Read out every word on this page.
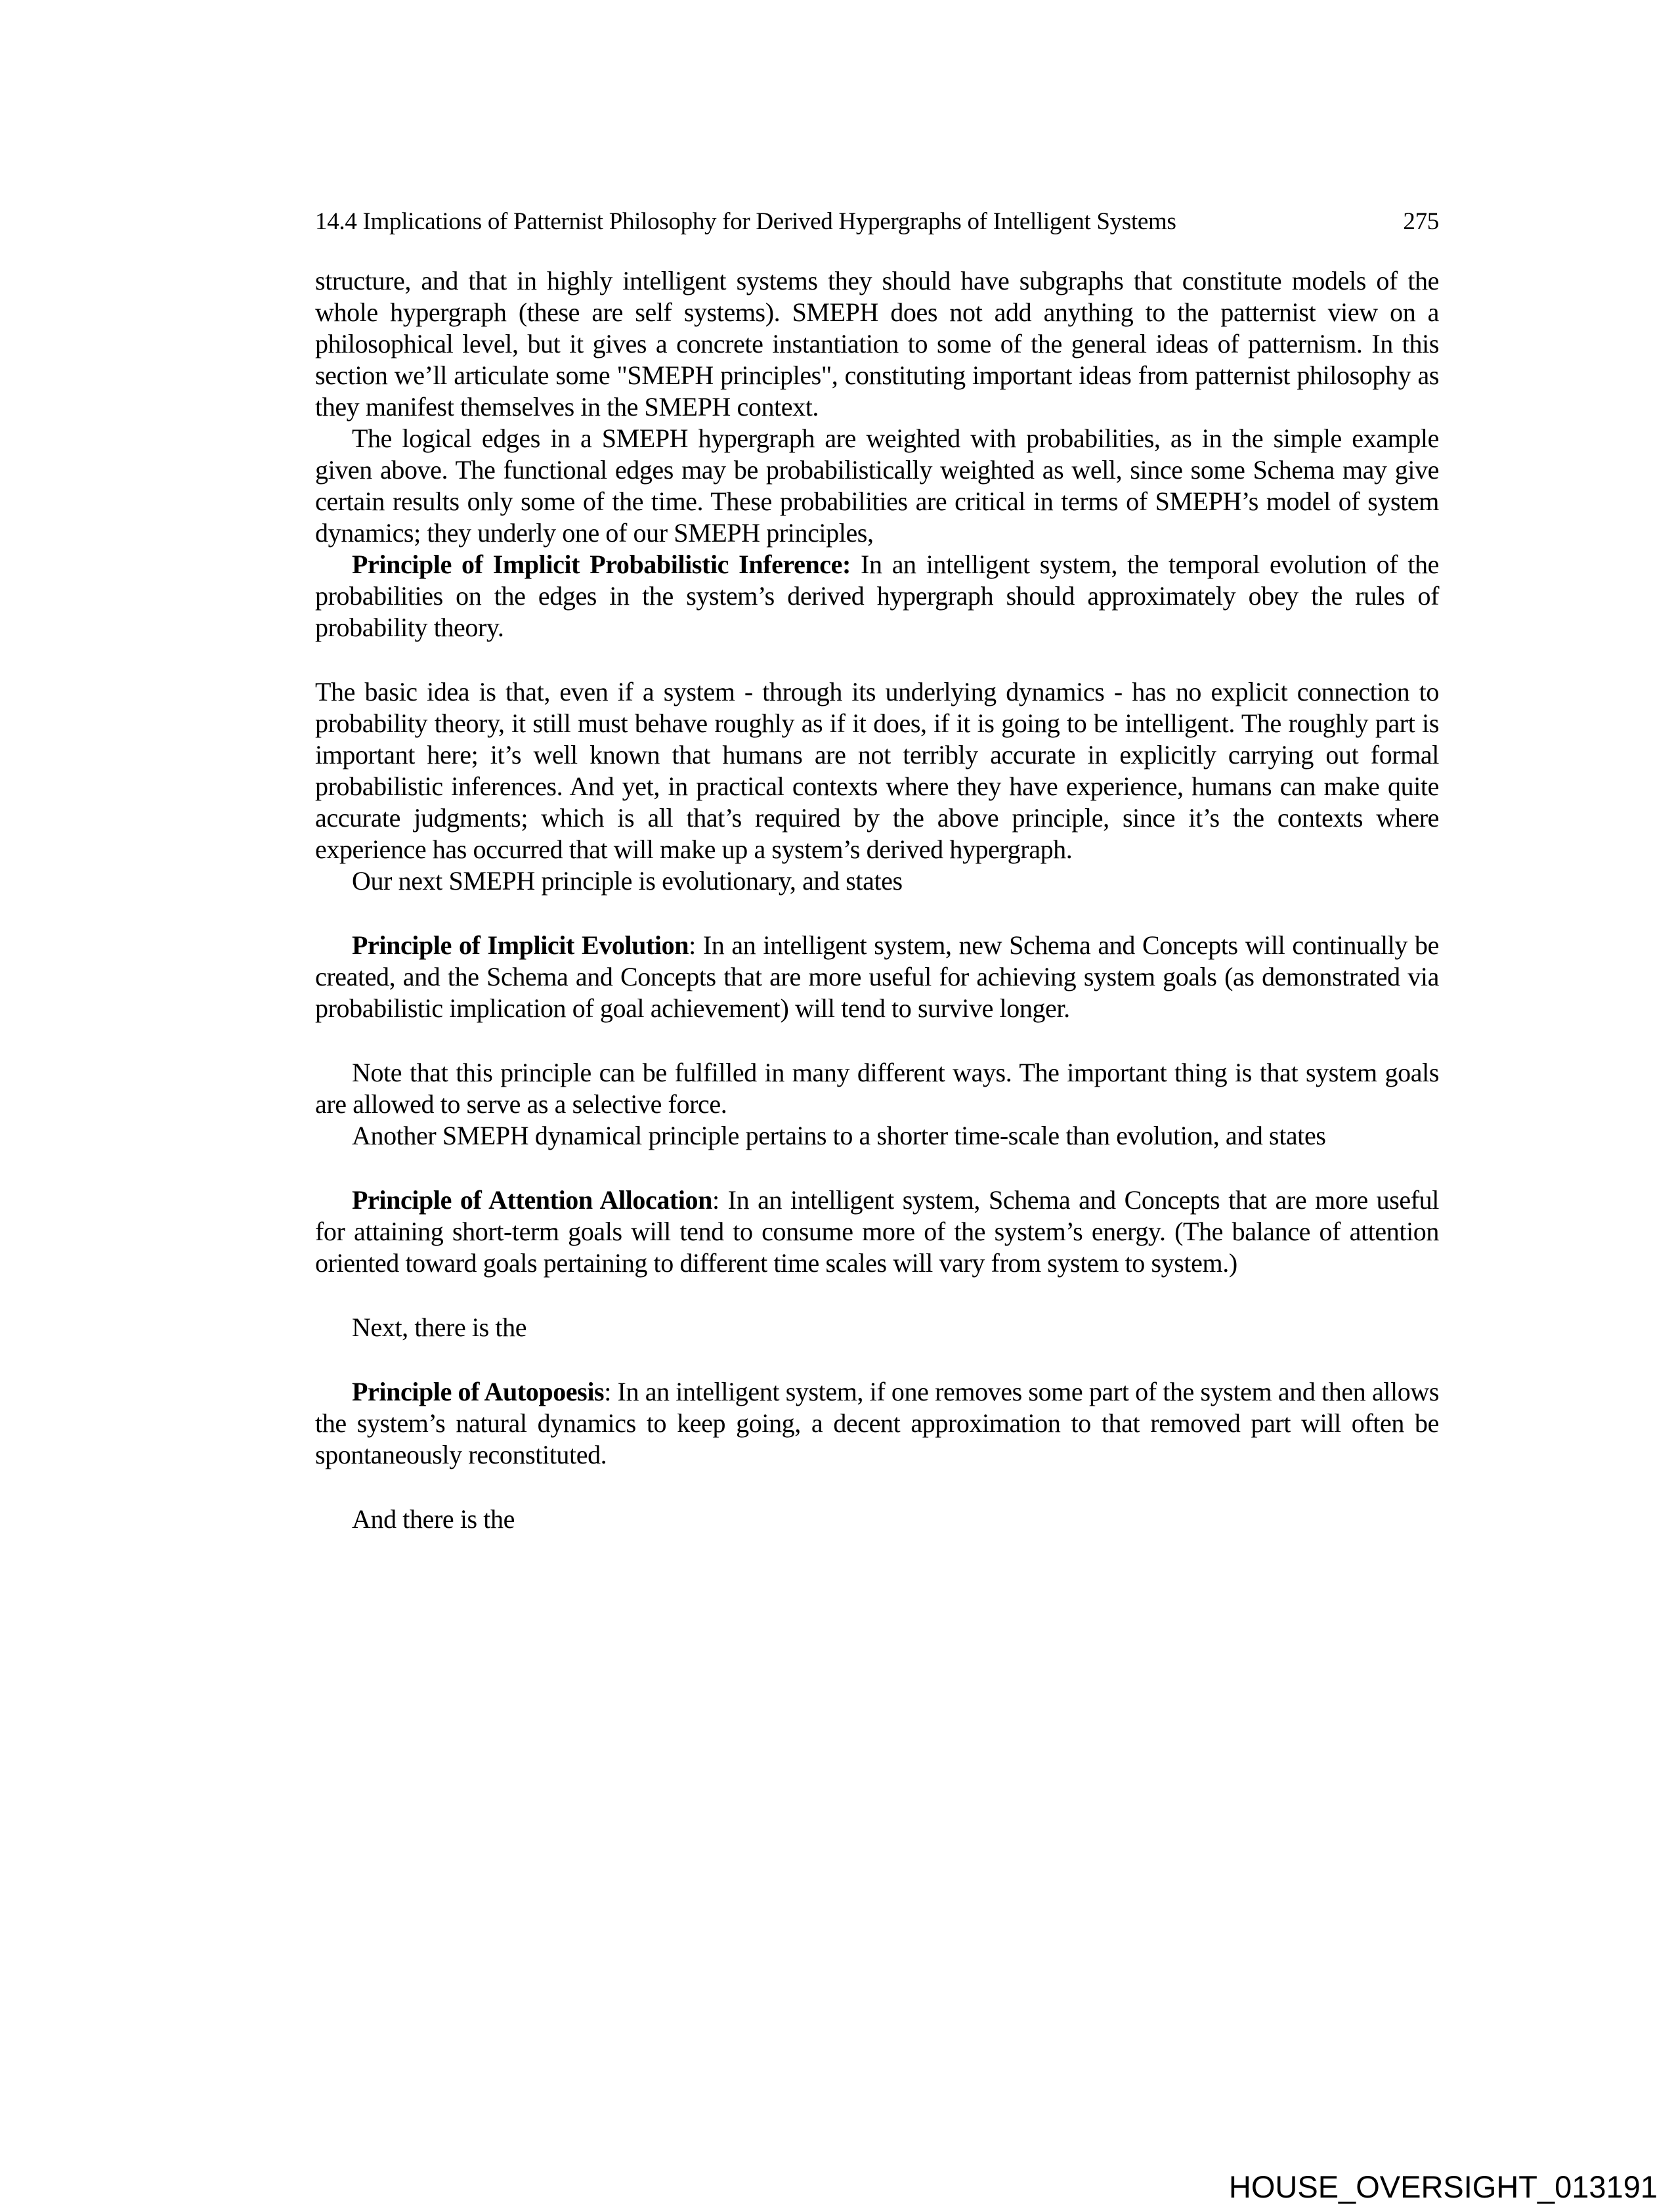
14.4 Implications of Patternist Philosophy for Derived Hypergraphs of Intelligent Systems	275

structure, and that in highly intelligent systems they should have subgraphs that constitute models of the whole hypergraph (these are self systems). SMEPH does not add anything to the patternist view on a philosophical level, but it gives a concrete instantiation to some of the general ideas of patternism. In this section we’ll articulate some "SMEPH principles", constituting important ideas from patternist philosophy as they manifest themselves in the SMEPH context.

The logical edges in a SMEPH hypergraph are weighted with probabilities, as in the simple example given above. The functional edges may be probabilistically weighted as well, since some Schema may give certain results only some of the time. These probabilities are critical in terms of SMEPH’s model of system dynamics; they underly one of our SMEPH principles,

Principle of Implicit Probabilistic Inference: In an intelligent system, the temporal evolution of the probabilities on the edges in the system’s derived hypergraph should approximately obey the rules of probability theory.

The basic idea is that, even if a system - through its underlying dynamics - has no explicit connection to probability theory, it still must behave roughly as if it does, if it is going to be intelligent. The roughly part is important here; it’s well known that humans are not terribly accurate in explicitly carrying out formal probabilistic inferences. And yet, in practical contexts where they have experience, humans can make quite accurate judgments; which is all that’s required by the above principle, since it’s the contexts where experience has occurred that will make up a system’s derived hypergraph.

Our next SMEPH principle is evolutionary, and states

Principle of Implicit Evolution: In an intelligent system, new Schema and Concepts will continually be created, and the Schema and Concepts that are more useful for achieving system goals (as demonstrated via probabilistic implication of goal achievement) will tend to survive longer.

Note that this principle can be fulfilled in many different ways. The important thing is that system goals are allowed to serve as a selective force.

Another SMEPH dynamical principle pertains to a shorter time-scale than evolution, and states

Principle of Attention Allocation: In an intelligent system, Schema and Concepts that are more useful for attaining short-term goals will tend to consume more of the system’s energy. (The balance of attention oriented toward goals pertaining to different time scales will vary from system to system.)

Next, there is the

Principle of Autopoesis: In an intelligent system, if one removes some part of the system and then allows the system’s natural dynamics to keep going, a decent approximation to that removed part will often be spontaneously reconstituted.

And there is the

HOUSE_OVERSIGHT_013191
